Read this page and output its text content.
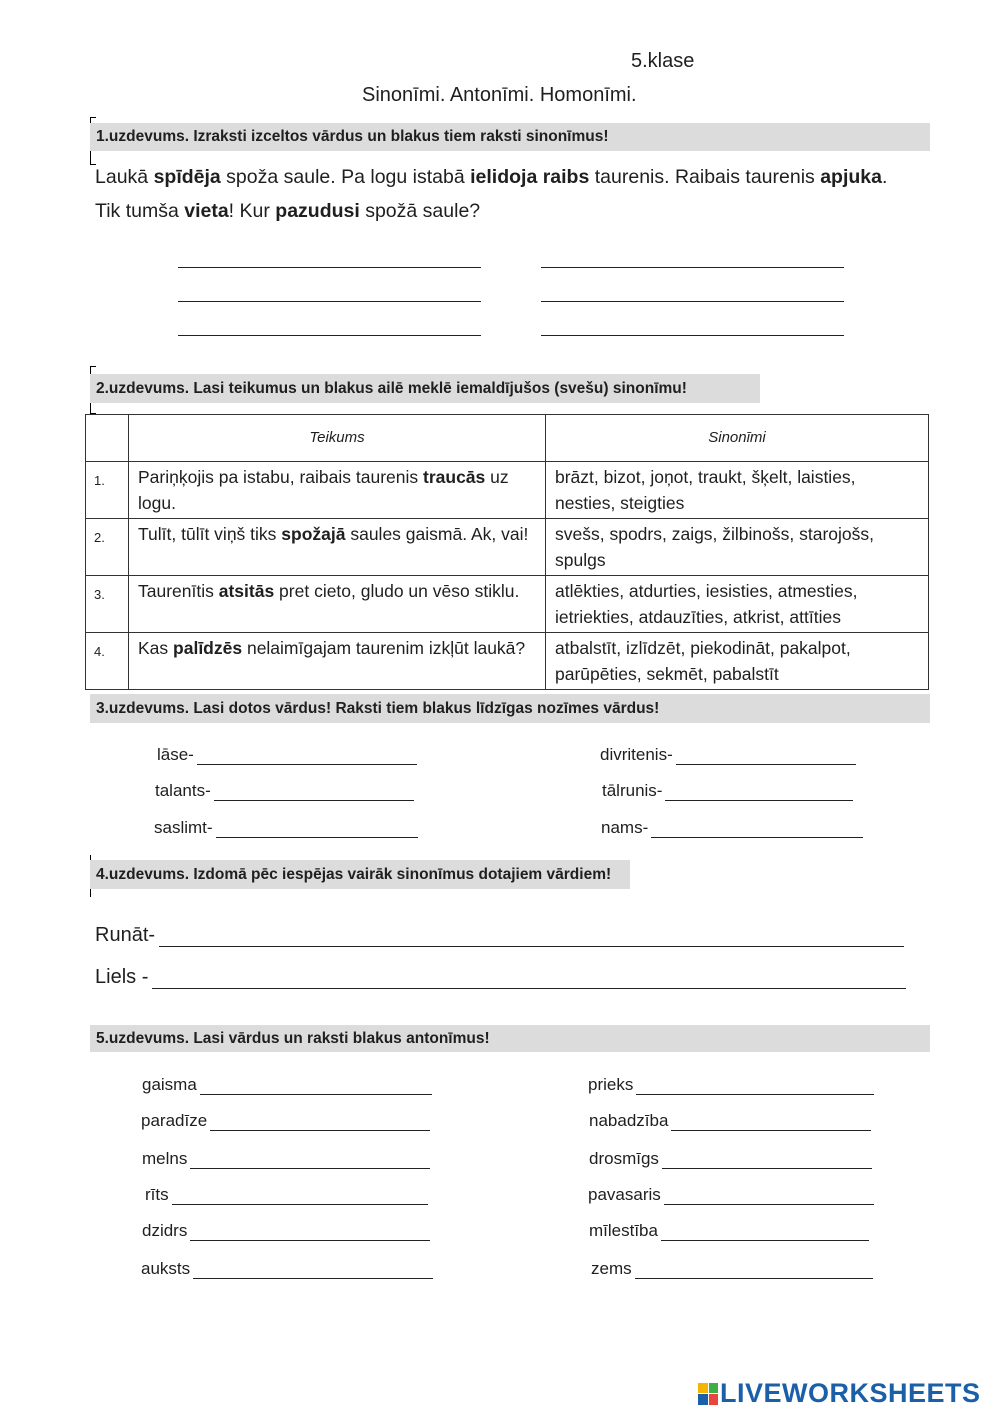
5.klase
Sinonīmi. Antonīmi. Homonīmi.
1.uzdevums. Izraksti izceltos vārdus un blakus tiem raksti sinonīmus!
Laukā spīdēja spoža saule. Pa logu istabā ielidoja raibs taurenis. Raibais taurenis apjuka. Tik tumša vieta! Kur pazudusi spožā saule?
2.uzdevums. Lasi teikumus un blakus ailē meklē iemaldījušos (svešu) sinonīmu!
	Teikums	Sinonīmi
1.	Pariņķojis pa istabu, raibais taurenis traucās uz logu.	brāzt, bizot, joņot, traukt, šķelt, laisties, nesties, steigties
2.	Tulīt, tūlīt viņš tiks spožajā saules gaismā. Ak, vai!	svešs, spodrs, zaigs, žilbinošs, starojošs, spulgs
3.	Taurenītis atsitās pret cieto, gludo un vēso stiklu.	atlēkties, atdurties, iesisties, atmesties, ietriekties, atdauzīties, atkrist, attīties
4.	Kas palīdzēs nelaimīgajam taurenim izkļūt laukā?	atbalstīt, izlīdzēt, piekodināt, pakalpot, parūpēties, sekmēt, pabalstīt
3.uzdevums. Lasi dotos vārdus! Raksti tiem blakus līdzīgas nozīmes vārdus!
lāse-
talants-
saslimt-
divritenis-
tālrunis-
nams-
4.uzdevums. Izdomā pēc iespējas vairāk sinonīmus dotajiem vārdiem!
Runāt-
Liels -
5.uzdevums. Lasi vārdus un raksti blakus antonīmus!
gaisma
paradīze
melns
rīts
dzidrs
auksts
prieks
nabadzība
drosmīgs
pavasaris
mīlestība
zems
LIVEWORKSHEETS
